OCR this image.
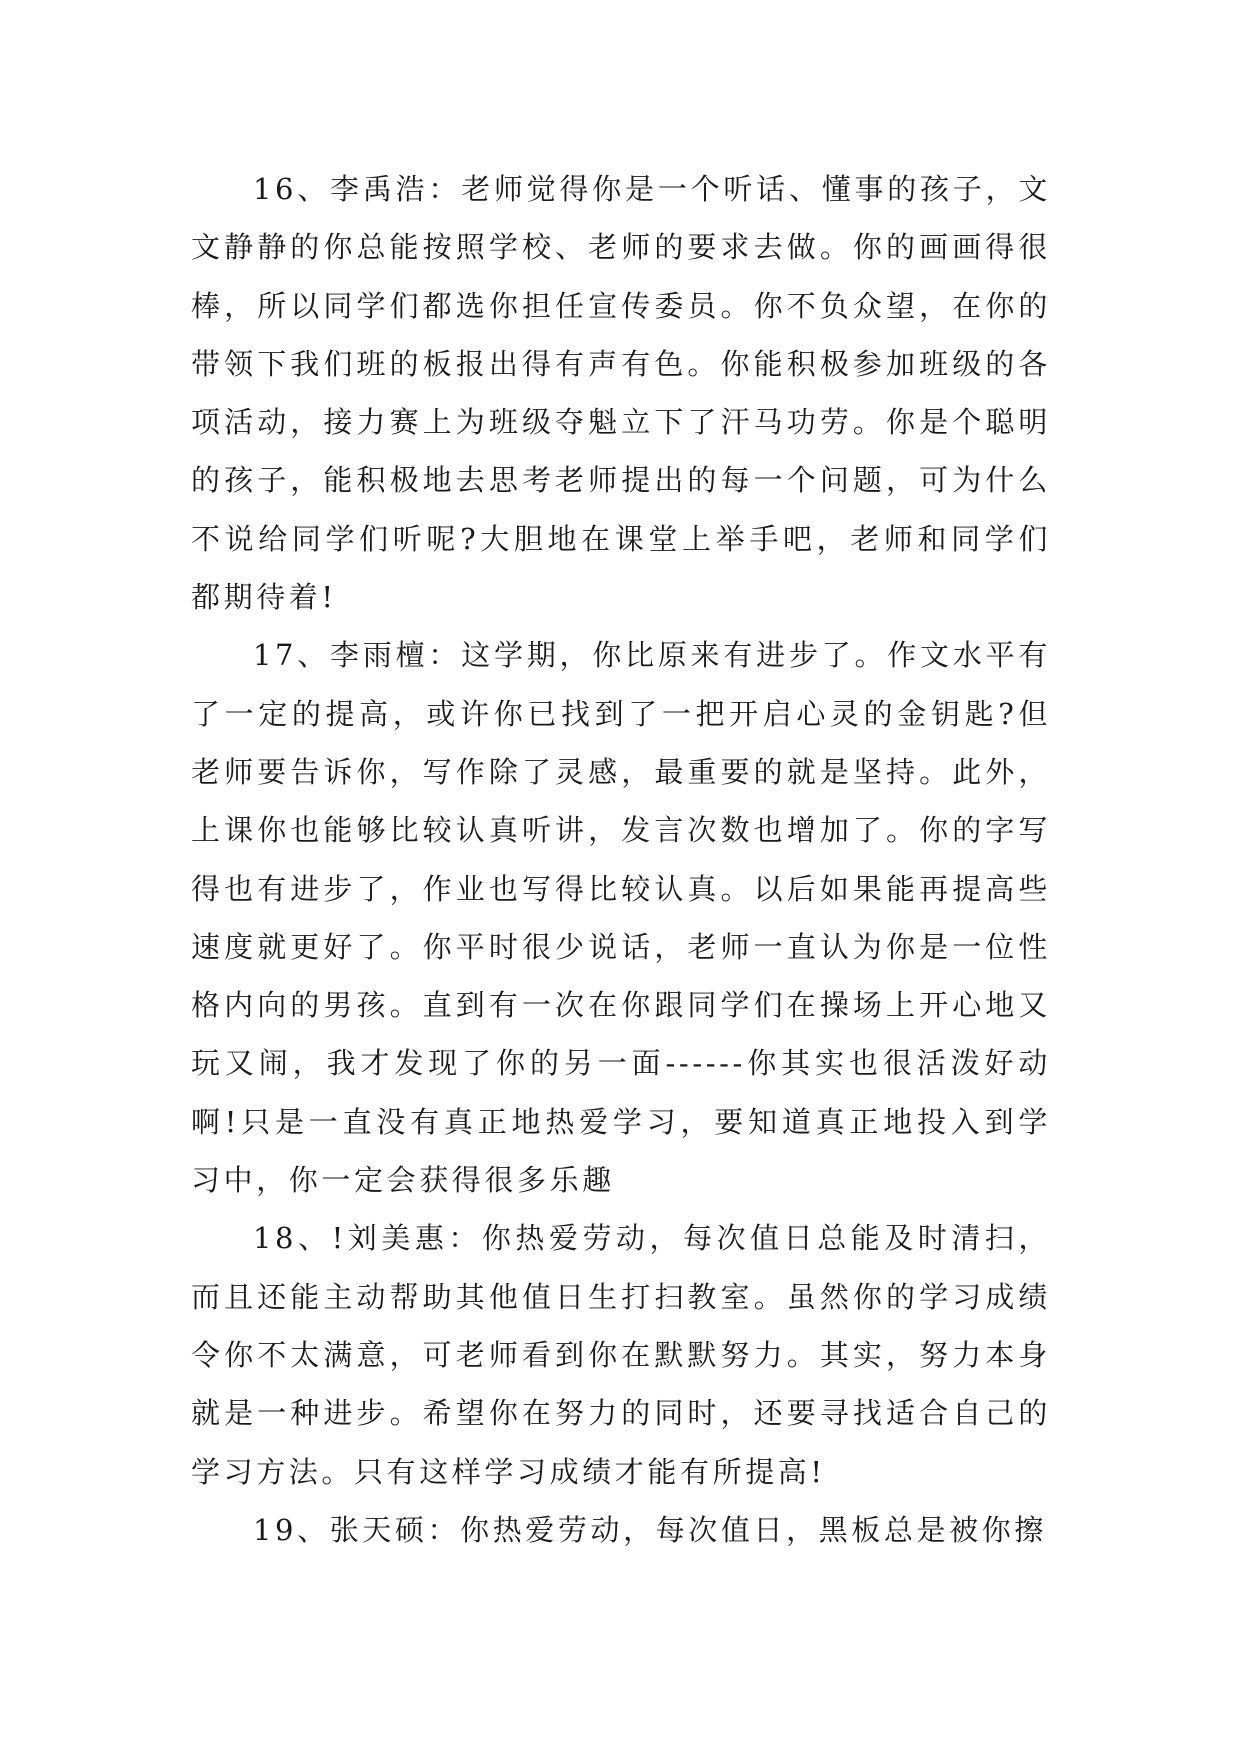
16、李禹浩：老师觉得你是一个听话、懂事的孩子，文文静静的你总能按照学校、老师的要求去做。你的画画得很棒，所以同学们都选你担任宣传委员。你不负众望，在你的带领下我们班的板报出得有声有色。你能积极参加班级的各项活动，接力赛上为班级夺魁立下了汗马功劳。你是个聪明的孩子，能积极地去思考老师提出的每一个问题，可为什么不说给同学们听呢?大胆地在课堂上举手吧，老师和同学们都期待着!

17、李雨檀：这学期，你比原来有进步了。作文水平有了一定的提高，或许你已找到了一把开启心灵的金钥匙?但老师要告诉你，写作除了灵感，最重要的就是坚持。此外，上课你也能够比较认真听讲，发言次数也增加了。你的字写得也有进步了，作业也写得比较认真。以后如果能再提高些速度就更好了。你平时很少说话，老师一直认为你是一位性格内向的男孩。直到有一次在你跟同学们在操场上开心地又玩又闹，我才发现了你的另一面------你其实也很活泼好动啊!只是一直没有真正地热爱学习，要知道真正地投入到学习中，你一定会获得很多乐趣

18、!刘美惠：你热爱劳动，每次值日总能及时清扫，而且还能主动帮助其他值日生打扫教室。虽然你的学习成绩令你不太满意，可老师看到你在默默努力。其实，努力本身就是一种进步。希望你在努力的同时，还要寻找适合自己的学习方法。只有这样学习成绩才能有所提高!

19、张天硕：你热爱劳动，每次值日，黑板总是被你擦
